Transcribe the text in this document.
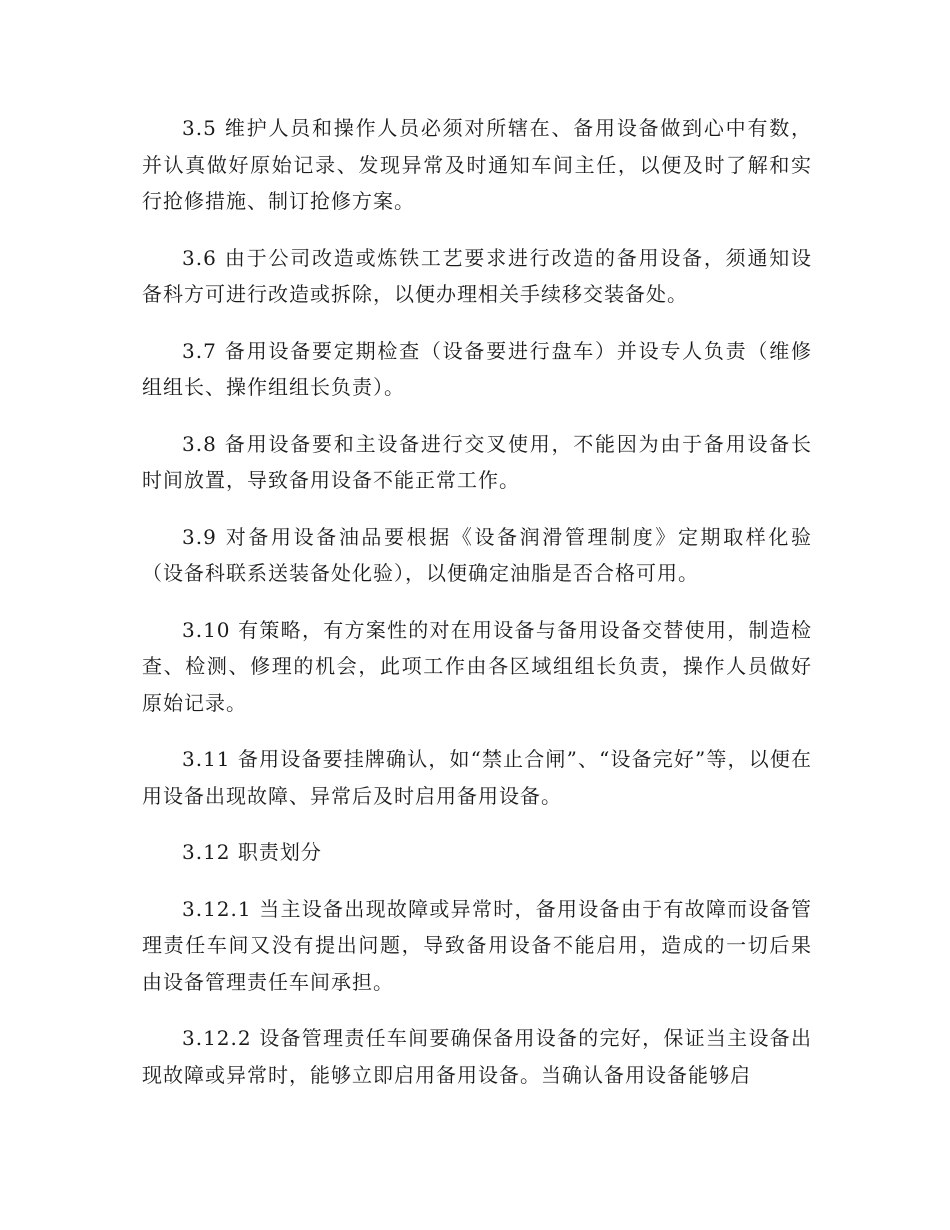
3.5 维护人员和操作人员必须对所辖在、备用设备做到心中有数，并认真做好原始记录、发现异常及时通知车间主任，以便及时了解和实行抢修措施、制订抢修方案。

3.6 由于公司改造或炼铁工艺要求进行改造的备用设备，须通知设备科方可进行改造或拆除，以便办理相关手续移交装备处。

3.7 备用设备要定期检查（设备要进行盘车）并设专人负责（维修组组长、操作组组长负责）。

3.8 备用设备要和主设备进行交叉使用，不能因为由于备用设备长时间放置，导致备用设备不能正常工作。

3.9 对备用设备油品要根据《设备润滑管理制度》定期取样化验（设备科联系送装备处化验），以便确定油脂是否合格可用。

3.10 有策略，有方案性的对在用设备与备用设备交替使用，制造检查、检测、修理的机会，此项工作由各区域组组长负责，操作人员做好原始记录。

3.11 备用设备要挂牌确认，如“禁止合闸”、“设备完好”等，以便在用设备出现故障、异常后及时启用备用设备。

3.12 职责划分

3.12.1 当主设备出现故障或异常时，备用设备由于有故障而设备管理责任车间又没有提出问题，导致备用设备不能启用，造成的一切后果由设备管理责任车间承担。

3.12.2 设备管理责任车间要确保备用设备的完好，保证当主设备出现故障或异常时，能够立即启用备用设备。当确认备用设备能够启
